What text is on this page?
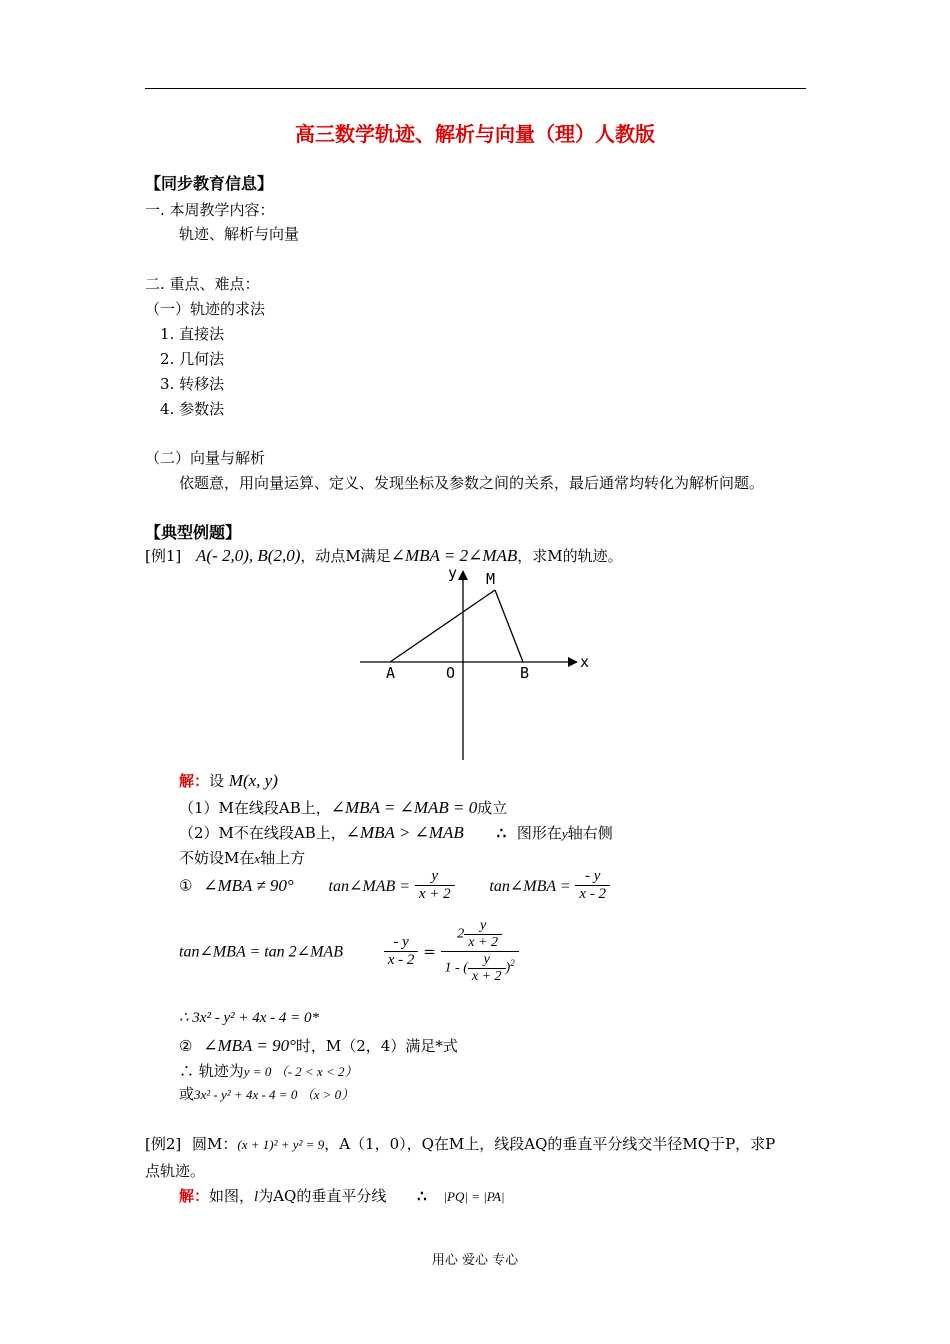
高三数学轨迹、解析与向量（理）人教版
【同步教育信息】
一. 本周教学内容：
轨迹、解析与向量
二. 重点、难点：
（一）轨迹的求法
1. 直接法
2. 几何法
3. 转移法
4. 参数法
（二）向量与解析
依题意，用向量运算、定义、发现坐标及参数之间的关系，最后通常均转化为解析问题。
【典型例题】
[例1] A(- 2,0), B(2,0)，动点M满足∠MBA = 2∠MAB，求M的轨迹。
y
x
M
A	O	B
解：设 M(x, y)
（1）M在线段AB上，∠MBA = ∠MAB = 0成立
（2）M不在线段AB上，∠MBA > ∠MAB ∴ 图形在y轴右侧
不妨设M在x轴上方
① ∠MBA ≠ 90° tan∠MAB = $\frac{y}{x + 2}$ tan∠MBA = $\frac{- y}{x - 2}$
tan∠MBA = tan 2∠MAB	$\frac{- y}{x - 2} = \frac{2 \frac{y}{x + 2}}{1 - ( \frac{y}{x + 2} )^2}$
∴ 3x² - y² + 4x - 4 = 0*
② ∠MBA = 90°时，M（2，4）满足*式
∴ 轨迹为y = 0 （- 2 < x < 2）
或3x² - y² + 4x - 4 = 0 （x > 0）
[例2] 圆M：(x + 1)² + y² = 9，A（1，0），Q在M上，线段AQ的垂直平分线交半径MQ于P，求P
点轨迹。
解：如图，l为AQ的垂直平分线 ∴ |PQ| = |PA|
用心 爱心 专心
